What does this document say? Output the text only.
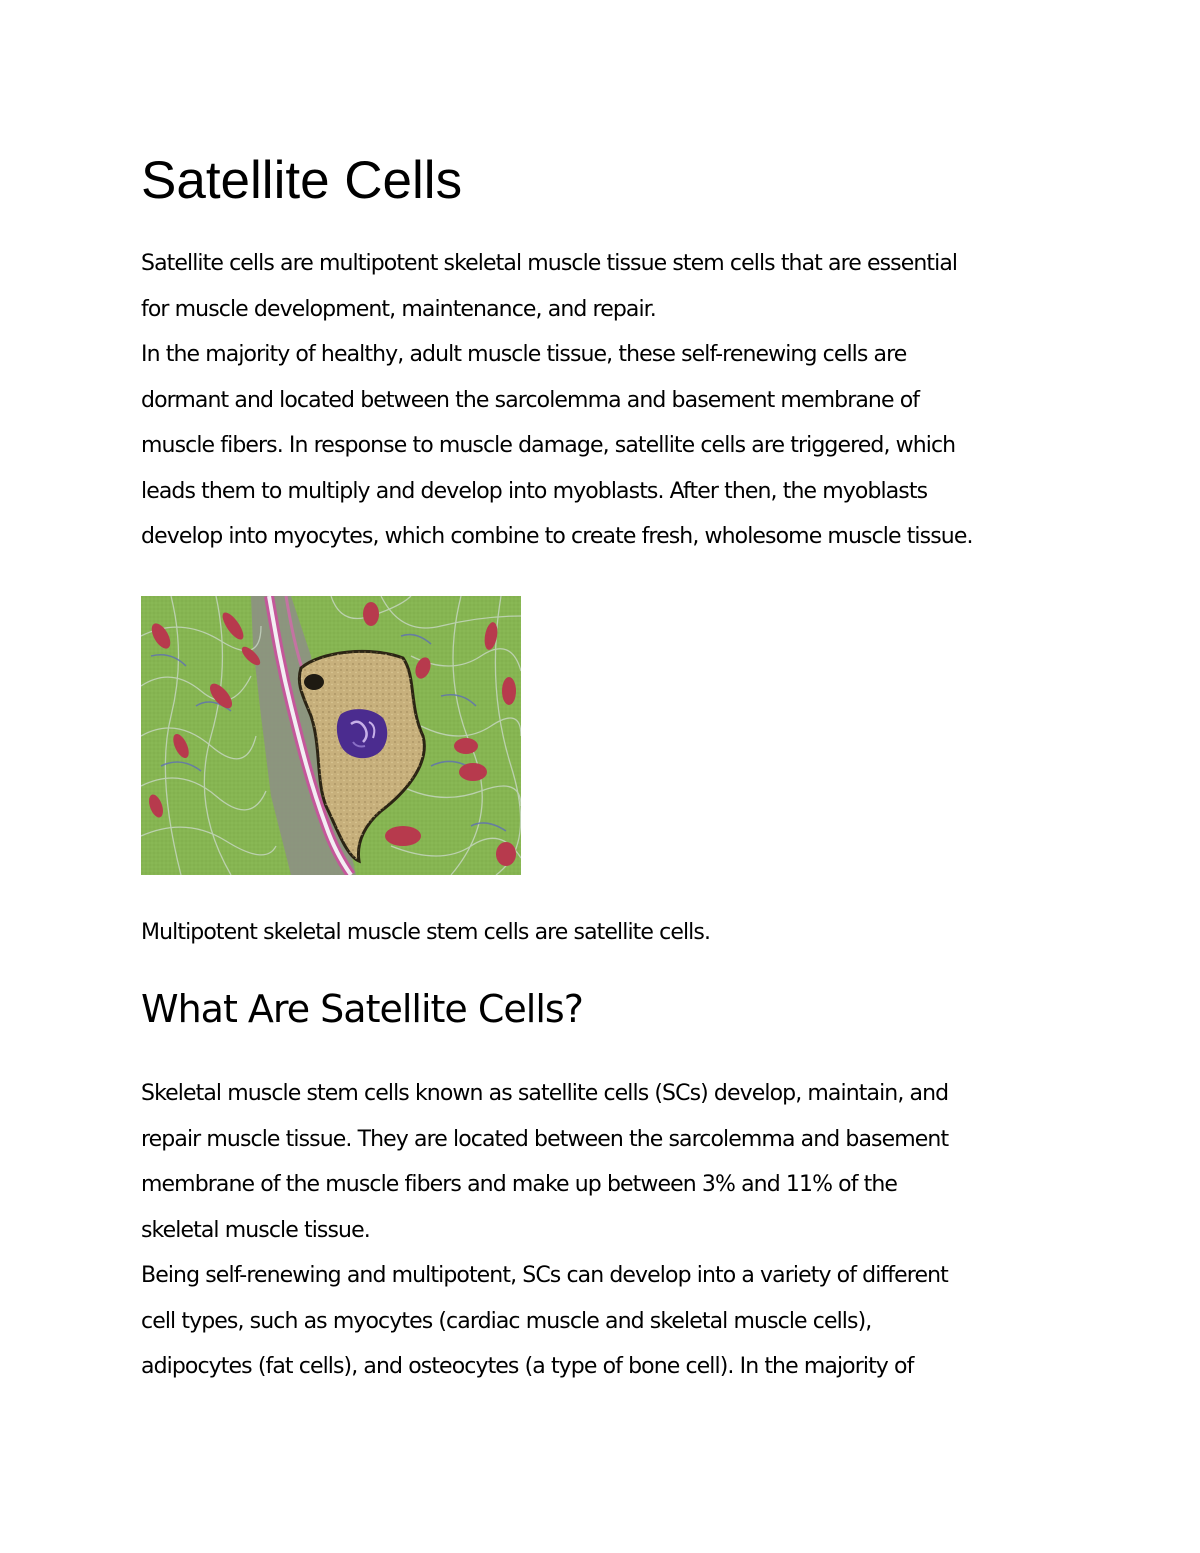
Satellite Cells
Satellite cells are multipotent skeletal muscle tissue stem cells that are essential
for muscle development, maintenance, and repair.
In the majority of healthy, adult muscle tissue, these self-renewing cells are
dormant and located between the sarcolemma and basement membrane of
muscle fibers. In response to muscle damage, satellite cells are triggered, which
leads them to multiply and develop into myoblasts. After then, the myoblasts
develop into myocytes, which combine to create fresh, wholesome muscle tissue.

Multipotent skeletal muscle stem cells are satellite cells.

What Are Satellite Cells?
Skeletal muscle stem cells known as satellite cells (SCs) develop, maintain, and
repair muscle tissue. They are located between the sarcolemma and basement
membrane of the muscle fibers and make up between 3% and 11% of the
skeletal muscle tissue.
Being self-renewing and multipotent, SCs can develop into a variety of different
cell types, such as myocytes (cardiac muscle and skeletal muscle cells),
adipocytes (fat cells), and osteocytes (a type of bone cell). In the majority of
